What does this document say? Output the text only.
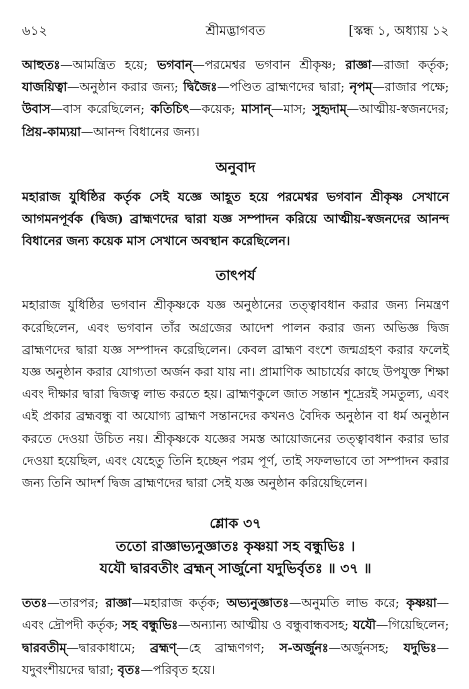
৬১২	শ্রীমদ্ভাগবত	[স্কন্ধ ১, অধ্যায় ১২

আহুতঃ—আমন্ত্রিত হয়ে; ভগবান্—পরমেশ্বর ভগবান শ্রীকৃষ্ণ; রাজ্ঞা—রাজা কর্তৃক; যাজয়িত্বা—অনুষ্ঠান করার জন্য; দ্বিজৈঃ—পণ্ডিত ব্রাহ্মণদের দ্বারা; নৃপম্—রাজার পক্ষে; উবাস—বাস করেছিলেন; কতিচিৎ—কয়েক; মাসান্—মাস; সুহৃদাম্—আত্মীয়-স্বজনদের; প্রিয়-কাম্যয়া—আনন্দ বিধানের জন্য।

অনুবাদ

মহারাজ যুধিষ্ঠির কর্তৃক সেই যজ্ঞে আহূত হয়ে পরমেশ্বর ভগবান শ্রীকৃষ্ণ সেখানে আগমনপূর্বক (দ্বিজ) ব্রাহ্মণদের দ্বারা যজ্ঞ সম্পাদন করিয়ে আত্মীয়-স্বজনদের আনন্দ বিধানের জন্য কয়েক মাস সেখানে অবস্থান করেছিলেন।

তাৎপর্য

মহারাজ যুধিষ্ঠির ভগবান শ্রীকৃষ্ণকে যজ্ঞ অনুষ্ঠানের তত্ত্বাবধান করার জন্য নিমন্ত্রণ করেছিলেন, এবং ভগবান তাঁর অগ্রজের আদেশ পালন করার জন্য অভিজ্ঞ দ্বিজ ব্রাহ্মণদের দ্বারা যজ্ঞ সম্পাদন করেছিলেন। কেবল ব্রাহ্মণ বংশে জন্মগ্রহণ করার ফলেই যজ্ঞ অনুষ্ঠান করার যোগ্যতা অর্জন করা যায় না। প্রামাণিক আচার্যের কাছে উপযুক্ত শিক্ষা এবং দীক্ষার দ্বারা দ্বিজত্ব লাভ করতে হয়। ব্রাহ্মণকুলে জাত সন্তান শূদ্রেরই সমতুল্য, এবং এই প্রকার ব্রহ্মবন্ধু বা অযোগ্য ব্রাহ্মণ সন্তানদের কখনও বৈদিক অনুষ্ঠান বা ধর্ম অনুষ্ঠান করতে দেওয়া উচিত নয়। শ্রীকৃষ্ণকে যজ্ঞের সমস্ত আয়োজনের তত্ত্বাবধান করার ভার দেওয়া হয়েছিল, এবং যেহেতু তিনি হচ্ছেন পরম পূর্ণ, তাই সফলভাবে তা সম্পাদন করার জন্য তিনি আদর্শ দ্বিজ ব্রাহ্মণদের দ্বারা সেই যজ্ঞ অনুষ্ঠান করিয়েছিলেন।

শ্লোক ৩৭
ততো রাজ্ঞাভ্যনুজ্ঞাতঃ কৃষ্ণয়া সহ বন্ধুভিঃ ।
যযৌ দ্বারবতীং ব্রহ্মন্ সার্জুনো যদুভির্বৃতঃ ॥ ৩৭ ॥

ততঃ—তারপর; রাজ্ঞা—মহারাজ কর্তৃক; অভ্যনুজ্ঞাতঃ—অনুমতি লাভ করে; কৃষ্ণয়া—এবং দ্রৌপদী কর্তৃক; সহ বন্ধুভিঃ—অন্যান্য আত্মীয় ও বন্ধুবান্ধবসহ; যযৌ—গিয়েছিলেন; দ্বারবতীম্—দ্বারকাধামে; ব্রহ্মণ্—হে ব্রাহ্মণগণ; স-অর্জুনঃ—অর্জুনসহ; যদুভিঃ—যদুবংশীয়দের দ্বারা; বৃতঃ—পরিবৃত হয়ে।
